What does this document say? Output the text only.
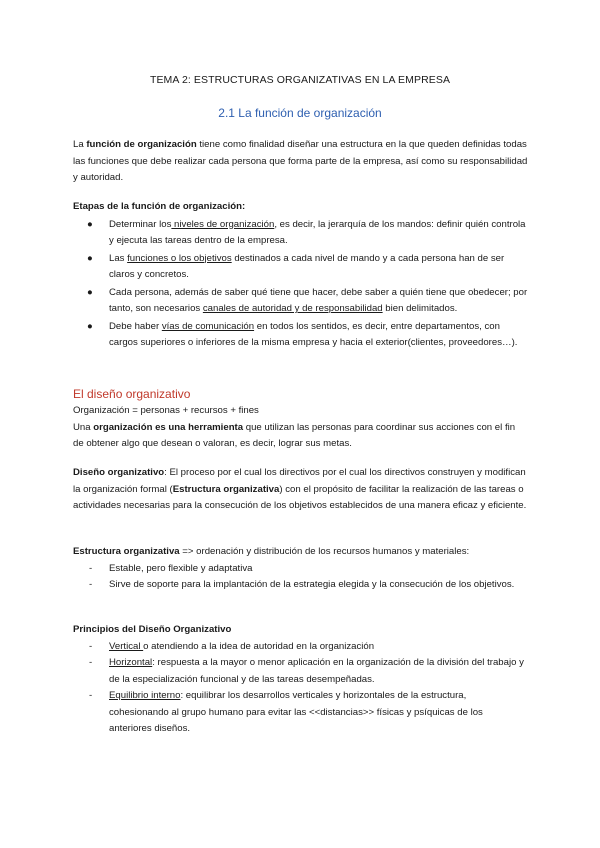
TEMA 2: ESTRUCTURAS ORGANIZATIVAS EN LA EMPRESA
2.1 La función de organización
La función de organización tiene como finalidad diseñar una estructura en la que queden definidas todas las funciones que debe realizar cada persona que forma parte de la empresa, así como su responsabilidad y autoridad.
Etapas de la función de organización:
● Determinar los niveles de organización, es decir, la jerarquía de los mandos: definir quién controla y ejecuta las tareas dentro de la empresa.
● Las funciones o los objetivos destinados a cada nivel de mando y a cada persona han de ser claros y concretos.
● Cada persona, además de saber qué tiene que hacer, debe saber a quién tiene que obedecer; por tanto, son necesarios canales de autoridad y de responsabilidad bien delimitados.
● Debe haber vías de comunicación en todos los sentidos, es decir, entre departamentos, con cargos superiores o inferiores de la misma empresa y hacia el exterior(clientes, proveedores…).
El diseño organizativo
Organización = personas + recursos + fines
Una organización es una herramienta que utilizan las personas para coordinar sus acciones con el fin de obtener algo que desean o valoran, es decir, lograr sus metas.
Diseño organizativo: El proceso por el cual los directivos por el cual los directivos construyen y modifican la organización formal (Estructura organizativa) con el propósito de facilitar la realización de las tareas o actividades necesarias para la consecución de los objetivos establecidos de una manera eficaz y eficiente.
Estructura organizativa => ordenación y distribución de los recursos humanos y materiales:
- Estable, pero flexible y adaptativa
- Sirve de soporte para la implantación de la estrategia elegida y la consecución de los objetivos.
Principios del Diseño Organizativo
- Vertical o atendiendo a la idea de autoridad en la organización
- Horizontal: respuesta a la mayor o menor aplicación en la organización de la división del trabajo y de la especialización funcional y de las tareas desempeñadas.
- Equilibrio interno: equilibrar los desarrollos verticales y horizontales de la estructura, cohesionando al grupo humano para evitar las <<distancias>> físicas y psíquicas de los anteriores diseños.
